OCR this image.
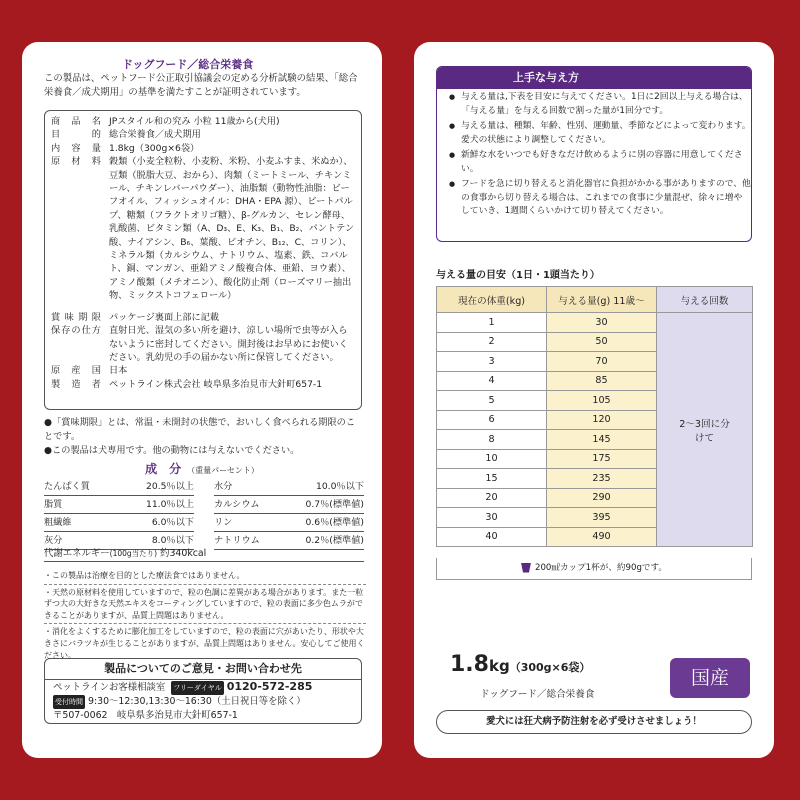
ドッグフード／総合栄養食
この製品は、ペットフード公正取引協議会の定める分析試験の結果、「総合栄養食／成犬期用」の基準を満たすことが証明されています。
商品名 JPスタイル和の究み 小粒 11歳から(犬用)
目的 総合栄養食／成犬期用
内容量 1.8kg（300g×6袋）
原材料 穀類（小麦全粒粉、小麦粉、米粉、小麦ふすま、米ぬか）、豆類（脱脂大豆、おから）、肉類（ミートミール、チキンミール、チキンレバーパウダー）、油脂類（動物性油脂：ビーフオイル、フィッシュオイル：DHA・EPA 源）、ビートパルプ、糖類（フラクトオリゴ糖）、β-グルカン、セレン酵母、乳酸菌、ビタミン類（A、D₃、E、K₃、B₁、B₂、パントテン酸、ナイアシン、B₆、葉酸、ビオチン、B₁₂、C、コリン）、ミネラル類（カルシウム、ナトリウム、塩素、鉄、コバルト、銅、マンガン、亜鉛アミノ酸複合体、亜鉛、ヨウ素）、アミノ酸類（メチオニン）、酸化防止剤（ローズマリー抽出物、ミックストコフェロール）
賞味期限 パッケージ裏面上部に記載
保存の仕方 直射日光、湿気の多い所を避け、涼しい場所で虫等が入らないように密封してください。開封後はお早めにお使いください。乳幼児の手の届かない所に保管してください。
原産国 日本
製造者 ペットライン株式会社 岐阜県多治見市大針町657-1
●「賞味期限」とは、常温・未開封の状態で、おいしく食べられる期限のことです。
●この製品は犬専用です。他の動物には与えないでください。
成　分 （重量パーセント）
たんぱく質	20.5％以上
脂質	11.0％以上
粗繊維	6.0％以下
灰分	8.0％以下
水分	10.0％以下
カルシウム	0.7％(標準値)
リン	0.6％(標準値)
ナトリウム	0.2％(標準値)
代謝エネルギー(100g当たり) 約340kcal
・この製品は治療を目的とした療法食ではありません。
・天然の原材料を使用していますので、粒の色調に差異がある場合があります。また一粒ずつ大の大好きな天然エキスをコーティングしていますので、粒の表面に多少色ムラができることがありますが、品質上問題はありません。
・消化をよくするために膨化加工をしていますので、粒の表面に穴があいたり、形状や大きさにバラツキが生じることがありますが、品質上問題はありません。安心してご使用ください。
製品についてのご意見・お問い合わせ先
ペットラインお客様相談室 フリーダイヤル 0120-572-285
受付時間 9:30〜12:30,13:30〜16:30（土日祝日等を除く）
〒507-0062　岐阜県多治見市大針町657-1
上手な与え方
● 与える量は,下表を目安に与えてください。1日に2回以上与える場合は、「与える量」を与える回数で割った量が1回分です。
● 与える量は、種類、年齢、性別、運動量、季節などによって変わります。愛犬の状態により調整してください。
● 新鮮な水をいつでも好きなだけ飲めるように別の容器に用意してください。
● フードを急に切り替えると消化器官に負担がかかる事がありますので、他の食事から切り替える場合は、これまでの食事に少量混ぜ、徐々に増やしていき、1週間くらいかけて切り替えてください。
与える量の目安（1日・1頭当たり）
現在の体重(kg)	与える量(g) 11歳～	与える回数
1	30	2～3回に分けて
2	50	
3	70	
4	85	
5	105	
6	120	
8	145	
10	175	
15	235	
20	290	
30	395	
40	490	
200㎖カップ1杯が、約90gです。
1.8kg（300g×6袋）
ドッグフード／総合栄養食
国産
愛犬には狂犬病予防注射を必ず受けさせましょう！
